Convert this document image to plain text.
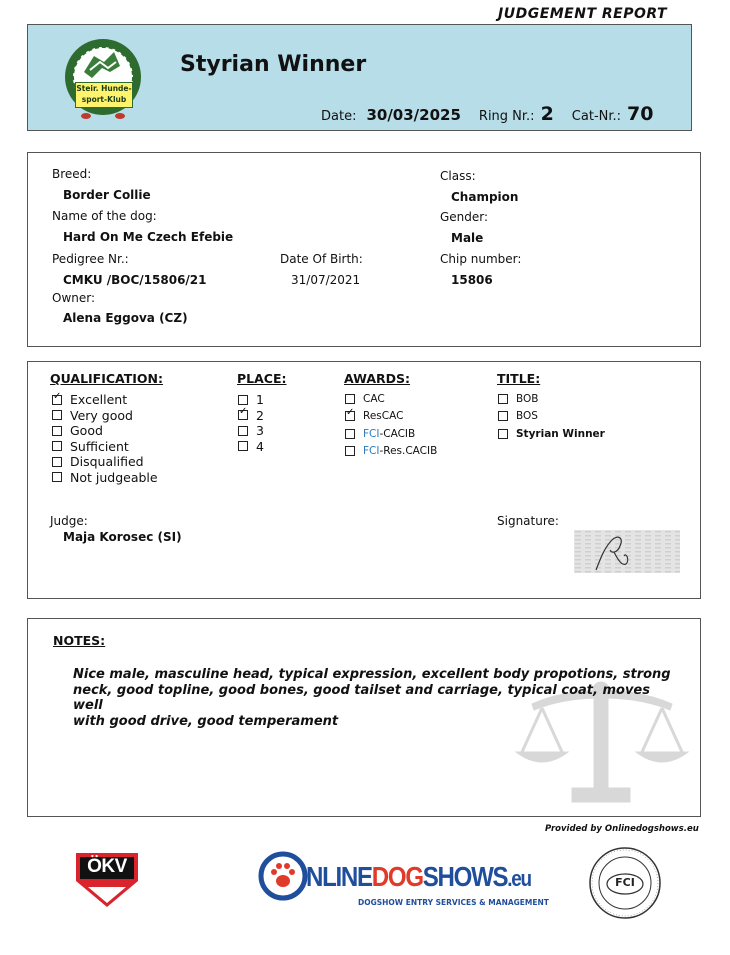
JUDGEMENT REPORT
Steir. Hunde-
sport-Klub
Styrian Winner
Date: 30/03/2025 Ring Nr.: 2 Cat-Nr.: 70
Breed:
Border Collie
Name of the dog:
Hard On Me Czech Efebie
Pedigree Nr.:
CMKU /BOC/15806/21
Owner:
Alena Eggova (CZ)
Date Of Birth:
31/07/2021
Class:
Champion
Gender:
Male
Chip number:
15806
QUALIFICATION:
✓
Excellent
Very good
Good
Sufficient
Disqualified
Not judgeable
PLACE:
1
✓
2
3
4
AWARDS:
CAC
✓
ResCAC
FCI -CACIB
FCI -Res.CACIB
TITLE:
BOB
BOS
Styrian Winner
Judge:
Maja Korosec (SI)
Signature:
NOTES:
Nice male, masculine head, typical expression, excellent body propotions, strong
neck, good topline, good bones, good tailset and carriage, typical coat, moves well
with good drive, good temperament
Provided by Onlinedogshows.eu
ÖKV	NLINEDOGSHOWS.eu
DOGSHOW ENTRY SERVICES & MANAGEMENT
FCI
